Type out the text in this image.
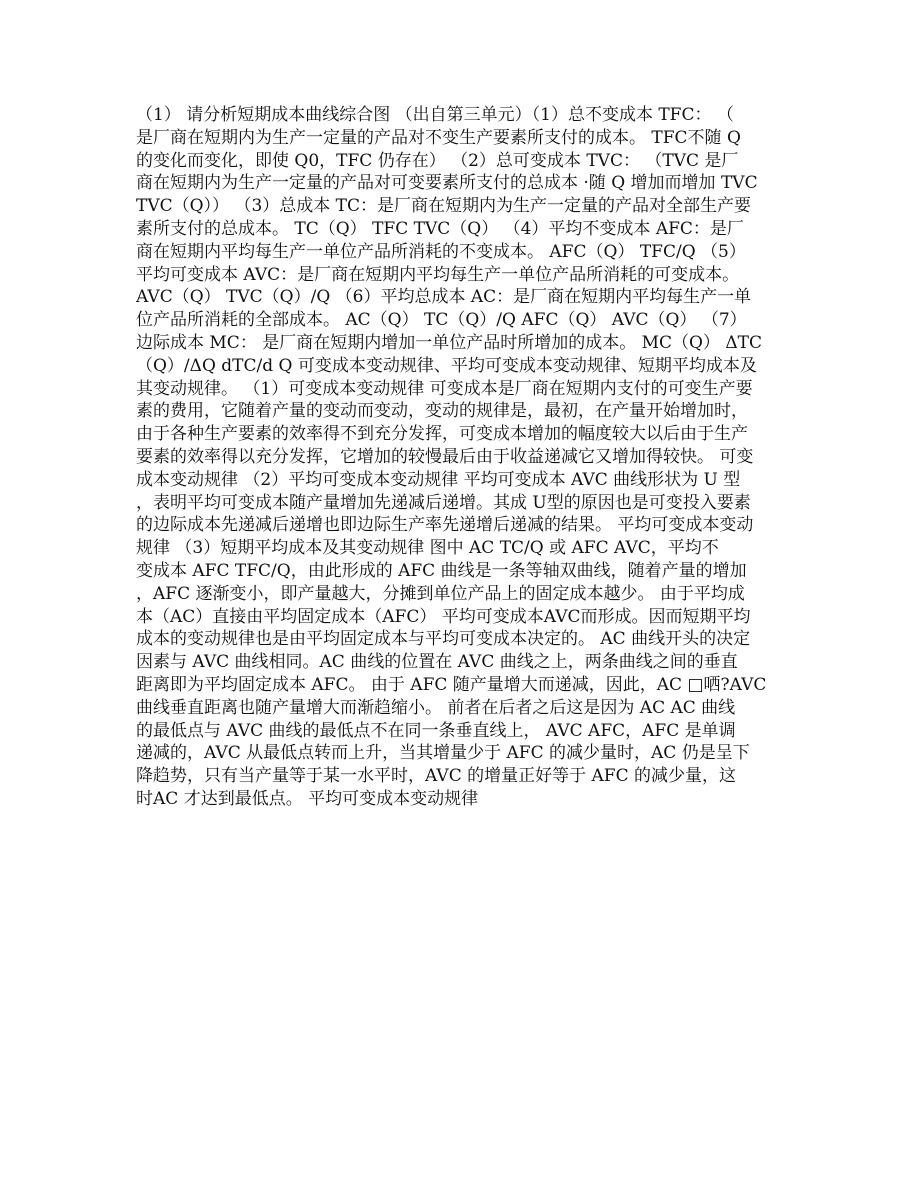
（1） 请分析短期成本曲线综合图 （出自第三单元）（1）总不变成本 TFC： （
是厂商在短期内为生产一定量的产品对不变生产要素所支付的成本。 TFC不随 Q
的变化而变化，即使 Q0，TFC 仍存在） （2）总可变成本 TVC： （TVC 是厂
商在短期内为生产一定量的产品对可变要素所支付的总成本 ·随 Q 增加而增加 TVC
TVC（Q）） （3）总成本 TC：是厂商在短期内为生产一定量的产品对全部生产要
素所支付的总成本。 TC（Q） TFC TVC（Q） （4）平均不变成本 AFC：是厂
商在短期内平均每生产一单位产品所消耗的不变成本。 AFC（Q） TFC/Q （5）
平均可变成本 AVC：是厂商在短期内平均每生产一单位产品所消耗的可变成本。
AVC（Q） TVC（Q）/Q （6）平均总成本 AC：是厂商在短期内平均每生产一单
位产品所消耗的全部成本。 AC（Q） TC（Q）/Q AFC（Q） AVC（Q） （7）
边际成本 MC： 是厂商在短期内增加一单位产品时所增加的成本。 MC（Q） ΔTC
（Q）/ΔQ dTC/d Q 可变成本变动规律、平均可变成本变动规律、短期平均成本及
其变动规律。 （1）可变成本变动规律 可变成本是厂商在短期内支付的可变生产要
素的费用，它随着产量的变动而变动，变动的规律是，最初，在产量开始增加时，
由于各种生产要素的效率得不到充分发挥，可变成本增加的幅度较大以后由于生产
要素的效率得以充分发挥，它增加的较慢最后由于收益递减它又增加得较快。 可变
成本变动规律 （2）平均可变成本变动规律 平均可变成本 AVC 曲线形状为 U 型
，表明平均可变成本随产量增加先递减后递增。其成 U型的原因也是可变投入要素
的边际成本先递减后递增也即边际生产率先递增后递减的结果。 平均可变成本变动
规律 （3）短期平均成本及其变动规律 图中 AC TC/Q 或 AFC AVC，平均不
变成本 AFC TFC/Q，由此形成的 AFC 曲线是一条等轴双曲线，随着产量的增加
，AFC 逐渐变小，即产量越大，分摊到单位产品上的固定成本越少。 由于平均成
本（AC）直接由平均固定成本（AFC） 平均可变成本AVC而形成。因而短期平均
成本的变动规律也是由平均固定成本与平均可变成本决定的。 AC 曲线开头的决定
因素与 AVC 曲线相同。AC 曲线的位置在 AVC 曲线之上，两条曲线之间的垂直
距离即为平均固定成本 AFC。 由于 AFC 随产量增大而递减，因此，AC □哂?AVC
曲线垂直距离也随产量增大而渐趋缩小。 前者在后者之后这是因为 AC AC 曲线
的最低点与 AVC 曲线的最低点不在同一条垂直线上， AVC AFC，AFC 是单调
递减的，AVC 从最低点转而上升，当其增量少于 AFC 的减少量时，AC 仍是呈下
降趋势，只有当产量等于某一水平时，AVC 的增量正好等于 AFC 的减少量，这
时AC 才达到最低点。 平均可变成本变动规律
